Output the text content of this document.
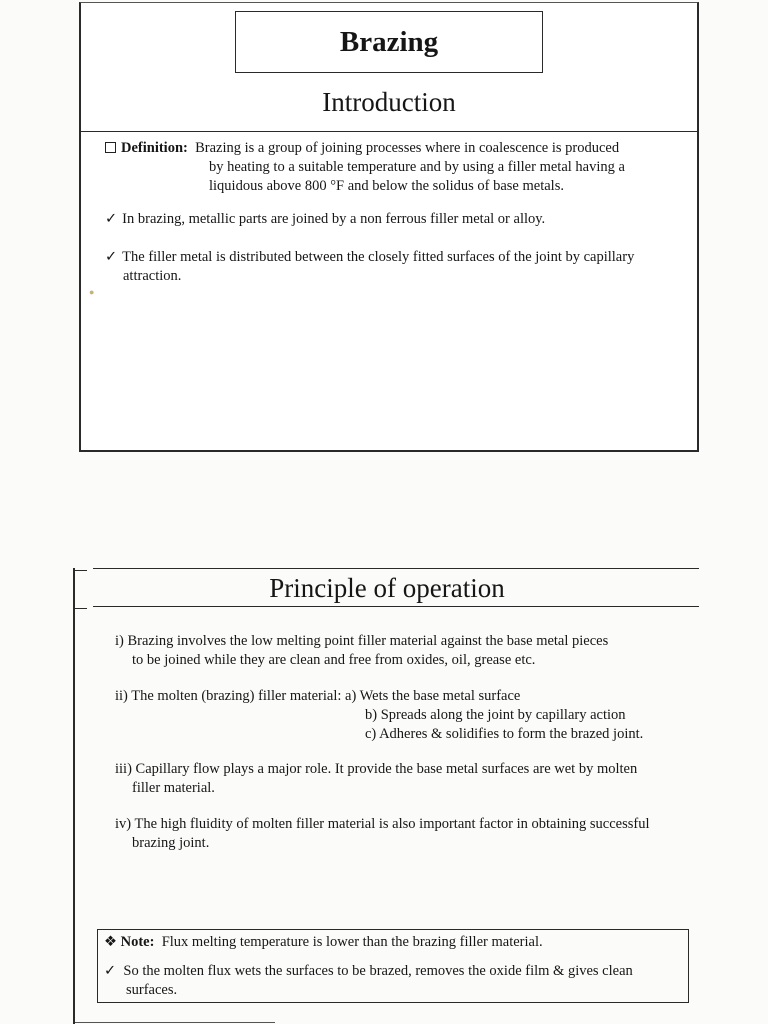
Brazing
Introduction
Definition: Brazing is a group of joining processes where in coalescence is produced
by heating to a suitable temperature and by using a filler metal having a
liquidous above 800 °F and below the solidus of base metals.
✓ In brazing, metallic parts are joined by a non ferrous filler metal or alloy.
✓ The filler metal is distributed between the closely fitted surfaces of the joint by capillary
attraction.
●
Principle of operation
i) Brazing involves the low melting point filler material against the base metal pieces
to be joined while they are clean and free from oxides, oil, grease etc.
ii) The molten (brazing) filler material: a) Wets the base metal surface
b) Spreads along the joint by capillary action
c) Adheres & solidifies to form the brazed joint.
iii) Capillary flow plays a major role. It provide the base metal surfaces are wet by molten
filler material.
iv) The high fluidity of molten filler material is also important factor in obtaining successful
brazing joint.
❖ Note: Flux melting temperature is lower than the brazing filler material.
✓ So the molten flux wets the surfaces to be brazed, removes the oxide film & gives clean
surfaces.
